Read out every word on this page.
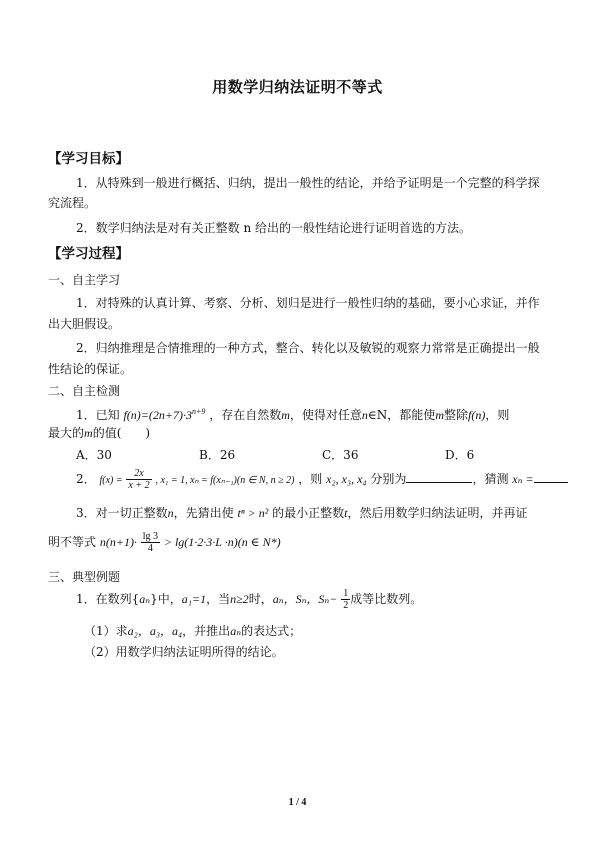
用数学归纳法证明不等式
【学习目标】
1．从特殊到一般进行概括、归纳，提出一般性的结论，并给予证明是一个完整的科学探
究流程。
2．数学归纳法是对有关正整数 n 给出的一般性结论进行证明首选的方法。
【学习过程】
一、自主学习
1．对特殊的认真计算、考察、分析、划归是进行一般性归纳的基础，要小心求证，并作
出大胆假设。
2．归纳推理是合情推理的一种方式，整合、转化以及敏锐的观察力常常是正确提出一般
性结论的保证。
二、自主检测
1．已知 $f(n)=(2n+7)\cdot 3^{n+9}$ ，存在自然数m，使得对任意n∈N，都能使m整除f(n)，则
最大的m的值(　　)
A．30	B．26	C．36	D．6
2． $f(x) = \frac{2x}{x + 2}$ , x₁ = 1, xₙ = f(xₙ₋₁)(n ∈ N, n ≥ 2) ，则 x₂, x₃, x₄ 分别为	，猜测 xₙ =
3．对一切正整数n，先猜出使 tⁿ > n² 的最小正整数t，然后用数学归纳法证明，并再证
明不等式 $n(n+1)\cdot \frac{\lg 3}{4} > \lg(1\cdot 2\cdot 3\cdot L \cdot n)(n$ ∈ N*)
三、典型例题
1．在数列{aₙ}中，a₁=1，当n≥2时，aₙ，Sₙ，$S_n- \frac{1}{2}$ 成等比数列。
（1）求a₂，a₃，a₄，并推出aₙ的表达式；
（2）用数学归纳法证明所得的结论。
1 / 4
